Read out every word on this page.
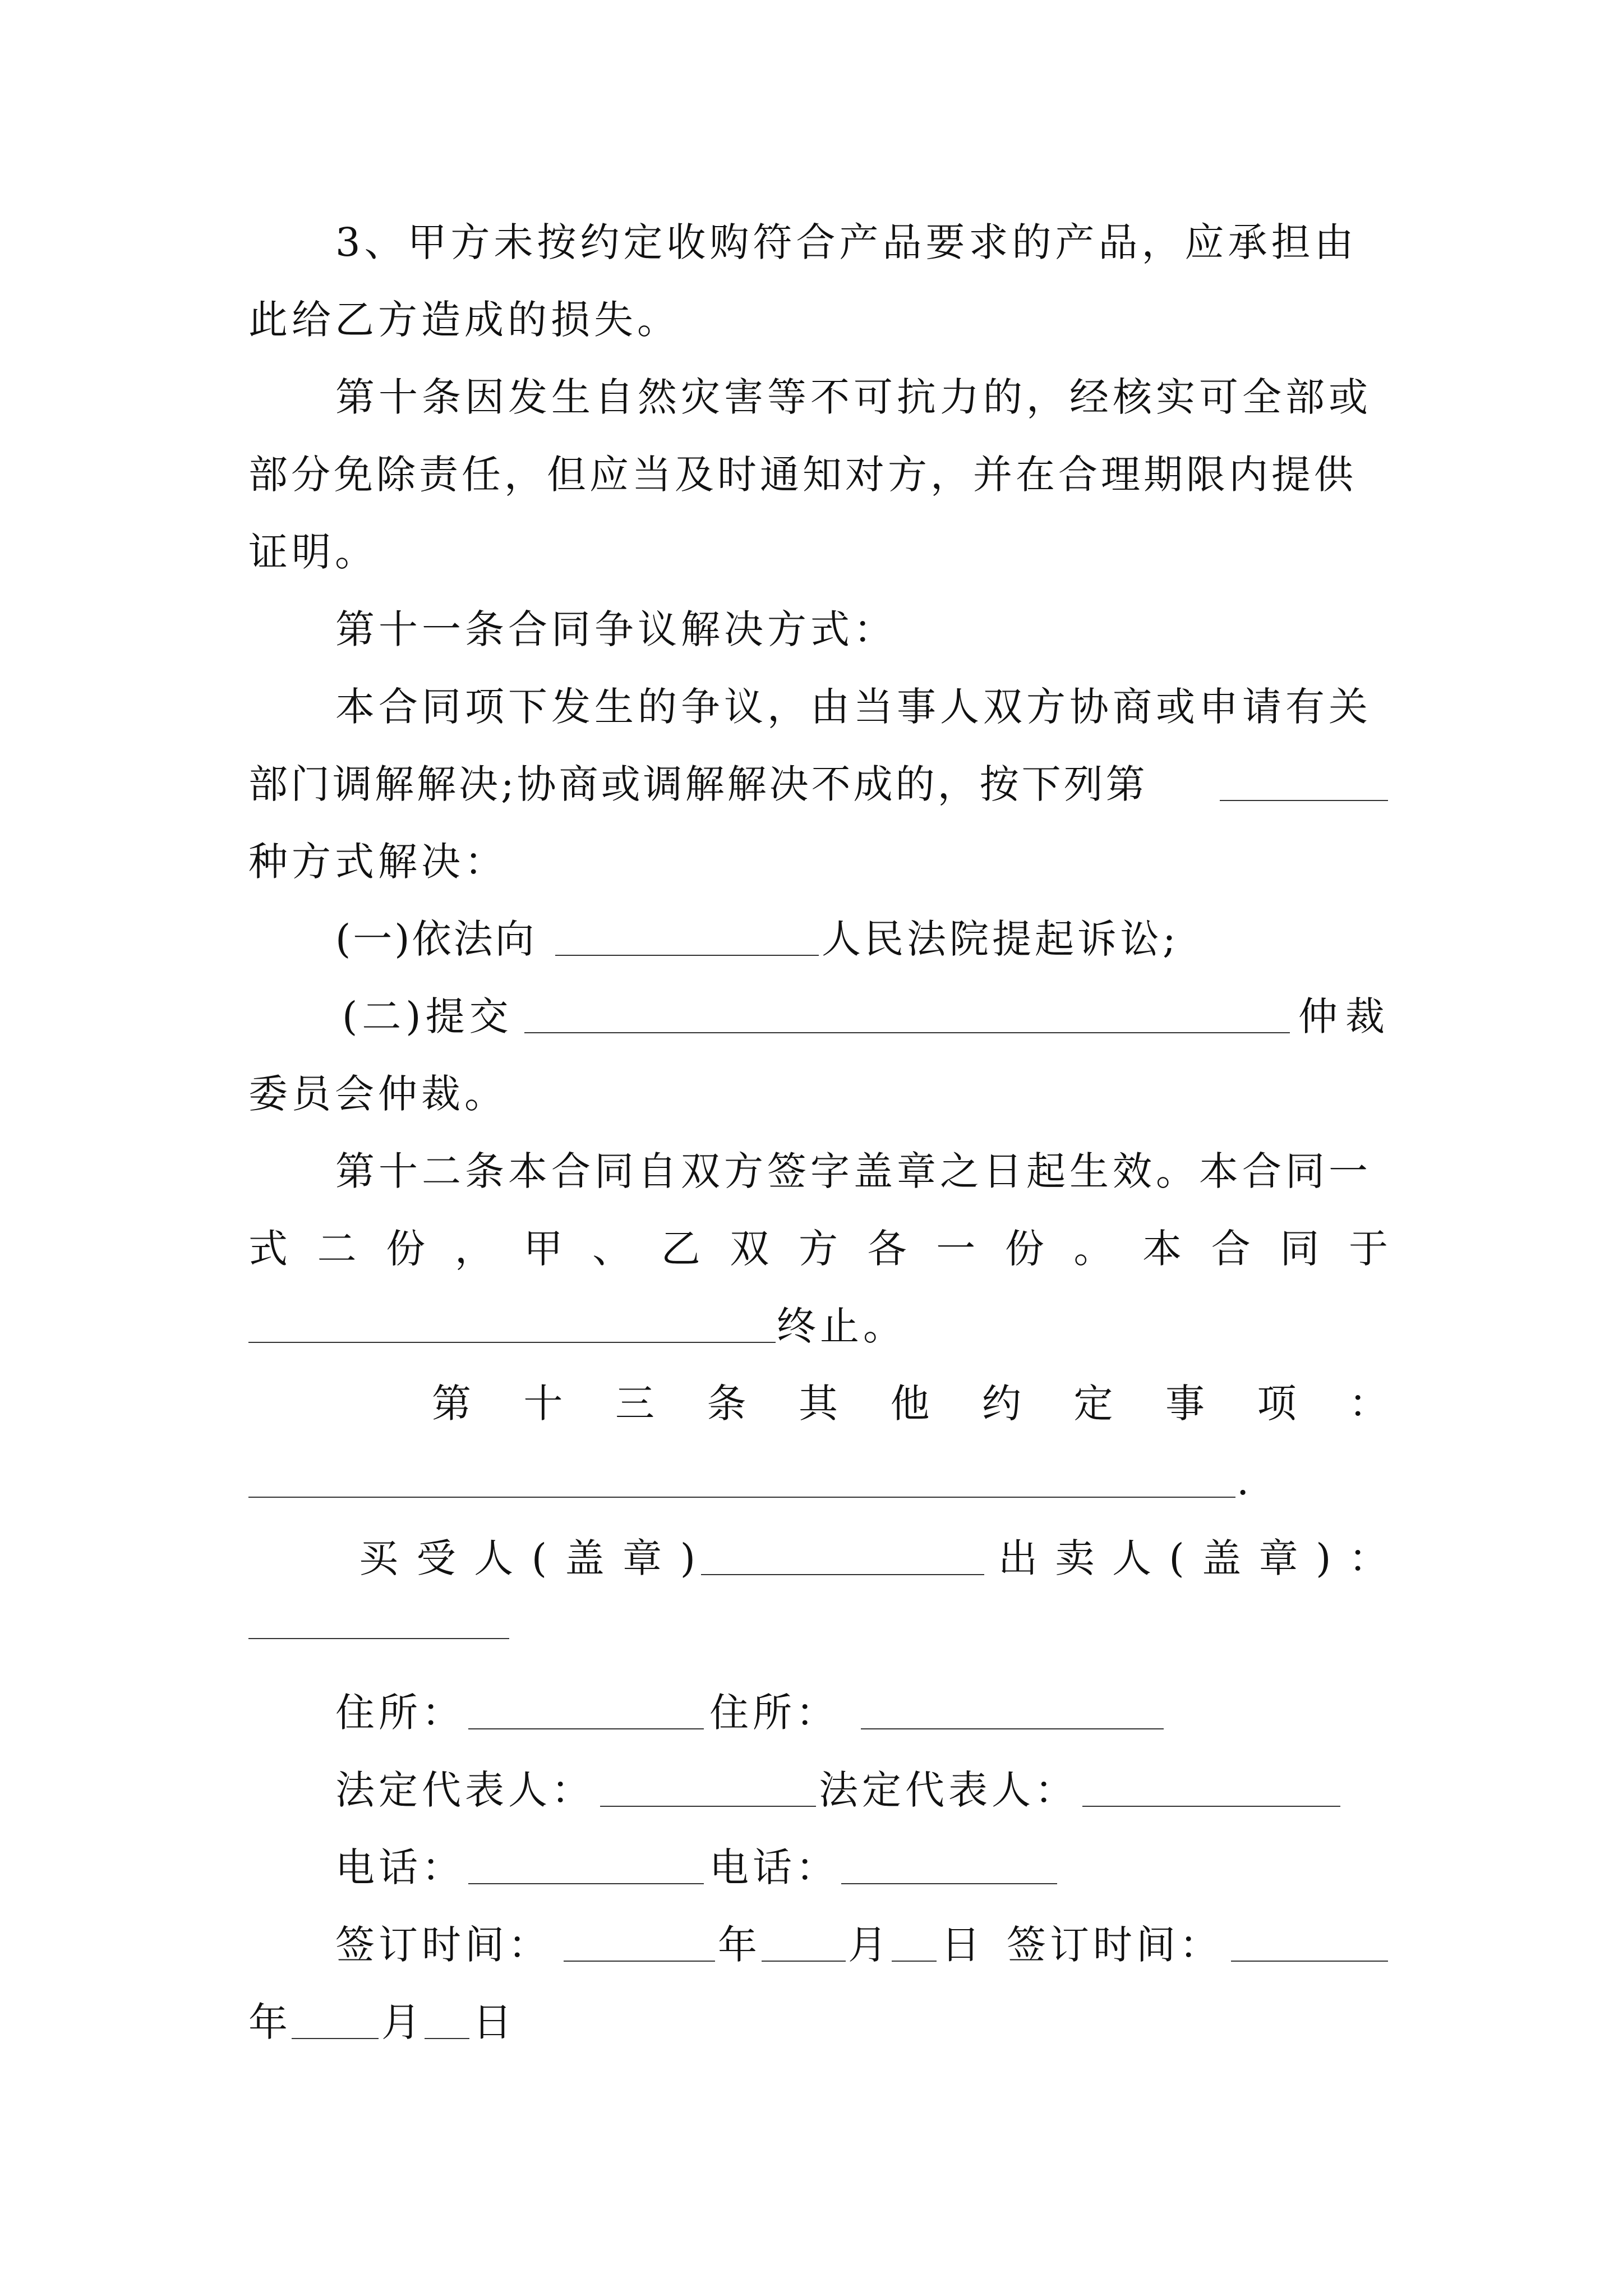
3、甲方未按约定收购符合产品要求的产品，应承担由
此给乙方造成的损失。
第十条因发生自然灾害等不可抗力的，经核实可全部或
部分免除责任，但应当及时通知对方，并在合理期限内提供
证明。
第十一条合同争议解决方式：
本合同项下发生的争议，由当事人双方协商或申请有关
部门调解解决;协商或调解解决不成的，按下列第
种方式解决：
(一)依法向	人民法院提起诉讼;
(二)提交	仲裁
委员会仲裁。
第十二条本合同自双方签字盖章之日起生效。本合同一
式 二 份 ， 甲 、 乙 双 方 各 一 份 。 本 合 同 于
终止。
第 十 三 条 其 他 约 定 事 项 ：
.
买 受 人 ( 盖 章 )	出 卖 人 ( 盖 章 ) ：
住所：	住所：
法定代表人：	法定代表人：
电话：	电话：
签订时间：	年 月 日 签订时间：
年 月 日
